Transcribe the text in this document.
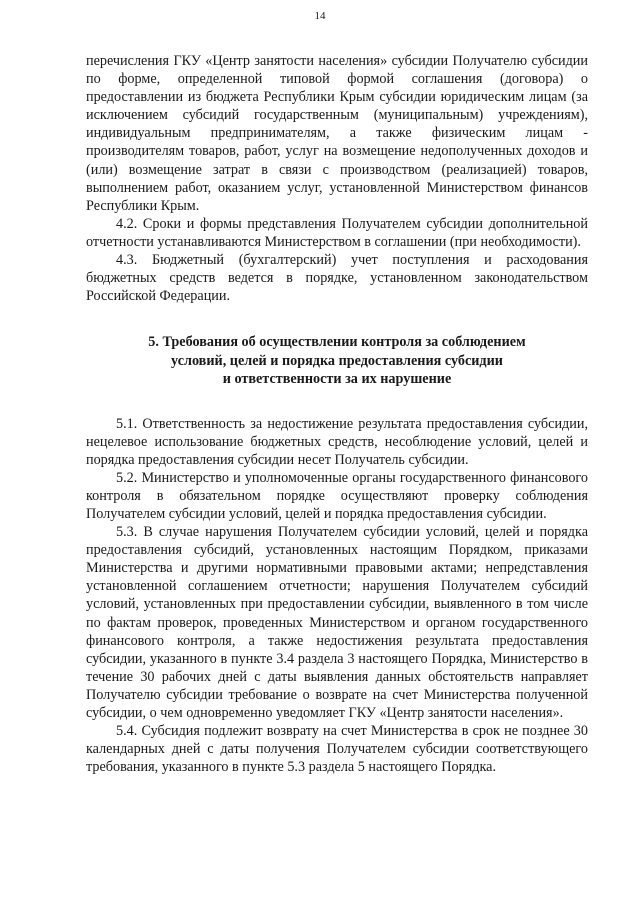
14

перечисления ГКУ «Центр занятости населения» субсидии Получателю субсидии по форме, определенной типовой формой соглашения (договора) о предоставлении из бюджета Республики Крым субсидии юридическим лицам (за исключением субсидий государственным (муниципальным) учреждениям), индивидуальным предпринимателям, а также физическим лицам - производителям товаров, работ, услуг на возмещение недополученных доходов и (или) возмещение затрат в связи с производством (реализацией) товаров, выполнением работ, оказанием услуг, установленной Министерством финансов Республики Крым.

4.2. Сроки и формы представления Получателем субсидии дополнительной отчетности устанавливаются Министерством в соглашении (при необходимости).

4.3. Бюджетный (бухгалтерский) учет поступления и расходования бюджетных средств ведется в порядке, установленном законодательством Российской Федерации.

5. Требования об осуществлении контроля за соблюдением
условий, целей и порядка предоставления субсидии
и ответственности за их нарушение

5.1. Ответственность за недостижение результата предоставления субсидии, нецелевое использование бюджетных средств, несоблюдение условий, целей и порядка предоставления субсидии несет Получатель субсидии.

5.2. Министерство и уполномоченные органы государственного финансового контроля в обязательном порядке осуществляют проверку соблюдения Получателем субсидии условий, целей и порядка предоставления субсидии.

5.3. В случае нарушения Получателем субсидии условий, целей и порядка предоставления субсидий, установленных настоящим Порядком, приказами Министерства и другими нормативными правовыми актами; непредставления установленной соглашением отчетности; нарушения Получателем субсидий условий, установленных при предоставлении субсидии, выявленного в том числе по фактам проверок, проведенных Министерством и органом государственного финансового контроля, а также недостижения результата предоставления субсидии, указанного в пункте 3.4 раздела 3 настоящего Порядка, Министерство в течение 30 рабочих дней с даты выявления данных обстоятельств направляет Получателю субсидии требование о возврате на счет Министерства полученной субсидии, о чем одновременно уведомляет ГКУ «Центр занятости населения».

5.4. Субсидия подлежит возврату на счет Министерства в срок не позднее 30 календарных дней с даты получения Получателем субсидии соответствующего требования, указанного в пункте 5.3 раздела 5 настоящего Порядка.
